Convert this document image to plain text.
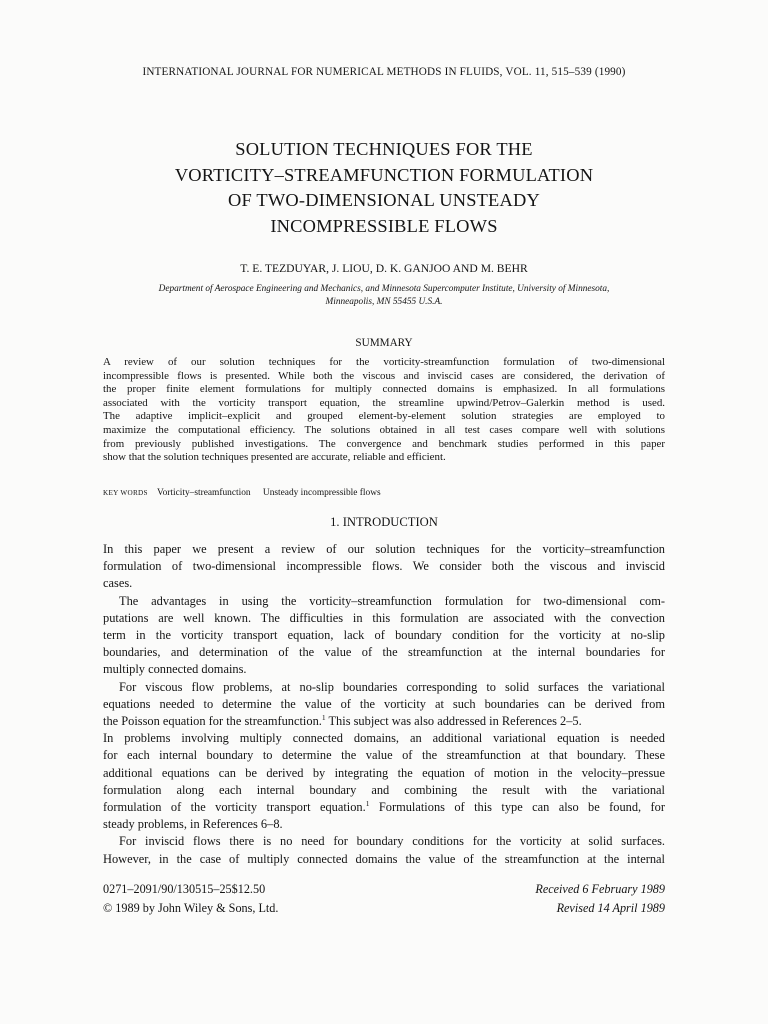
INTERNATIONAL JOURNAL FOR NUMERICAL METHODS IN FLUIDS, VOL. 11, 515–539 (1990)
SOLUTION TECHNIQUES FOR THE
VORTICITY–STREAMFUNCTION FORMULATION
OF TWO-DIMENSIONAL UNSTEADY
INCOMPRESSIBLE FLOWS
T. E. TEZDUYAR, J. LIOU, D. K. GANJOO AND M. BEHR
Department of Aerospace Engineering and Mechanics, and Minnesota Supercomputer Institute, University of Minnesota,
Minneapolis, MN 55455 U.S.A.
SUMMARY
A review of our solution techniques for the vorticity-streamfunction formulation of two-dimensional
incompressible flows is presented. While both the viscous and inviscid cases are considered, the derivation of
the proper finite element formulations for multiply connected domains is emphasized. In all formulations
associated with the vorticity transport equation, the streamline upwind/Petrov–Galerkin method is used.
The adaptive implicit–explicit and grouped element-by-element solution strategies are employed to
maximize the computational efficiency. The solutions obtained in all test cases compare well with solutions
from previously published investigations. The convergence and benchmark studies performed in this paper
show that the solution techniques presented are accurate, reliable and efficient.
KEY WORDS Vorticity–streamfunction Unsteady incompressible flows
1. INTRODUCTION
In this paper we present a review of our solution techniques for the vorticity–streamfunction
formulation of two-dimensional incompressible flows. We consider both the viscous and inviscid
cases.
The advantages in using the vorticity–streamfunction formulation for two-dimensional com-
putations are well known. The difficulties in this formulation are associated with the convection
term in the vorticity transport equation, lack of boundary condition for the vorticity at no-slip
boundaries, and determination of the value of the streamfunction at the internal boundaries for
multiply connected domains.
For viscous flow problems, at no-slip boundaries corresponding to solid surfaces the variational
equations needed to determine the value of the vorticity at such boundaries can be derived from
the Poisson equation for the streamfunction.$^1$ This subject was also addressed in References 2–5.
In problems involving multiply connected domains, an additional variational equation is needed
for each internal boundary to determine the value of the streamfunction at that boundary. These
additional equations can be derived by integrating the equation of motion in the velocity–pressue
formulation along each internal boundary and combining the result with the variational
formulation of the vorticity transport equation.$^1$ Formulations of this type can also be found, for
steady problems, in References 6–8.
For inviscid flows there is no need for boundary conditions for the vorticity at solid surfaces.
However, in the case of multiply connected domains the value of the streamfunction at the internal
0271–2091/90/130515–25$12.50
© 1989 by John Wiley & Sons, Ltd.
Received 6 February 1989
Revised 14 April 1989
